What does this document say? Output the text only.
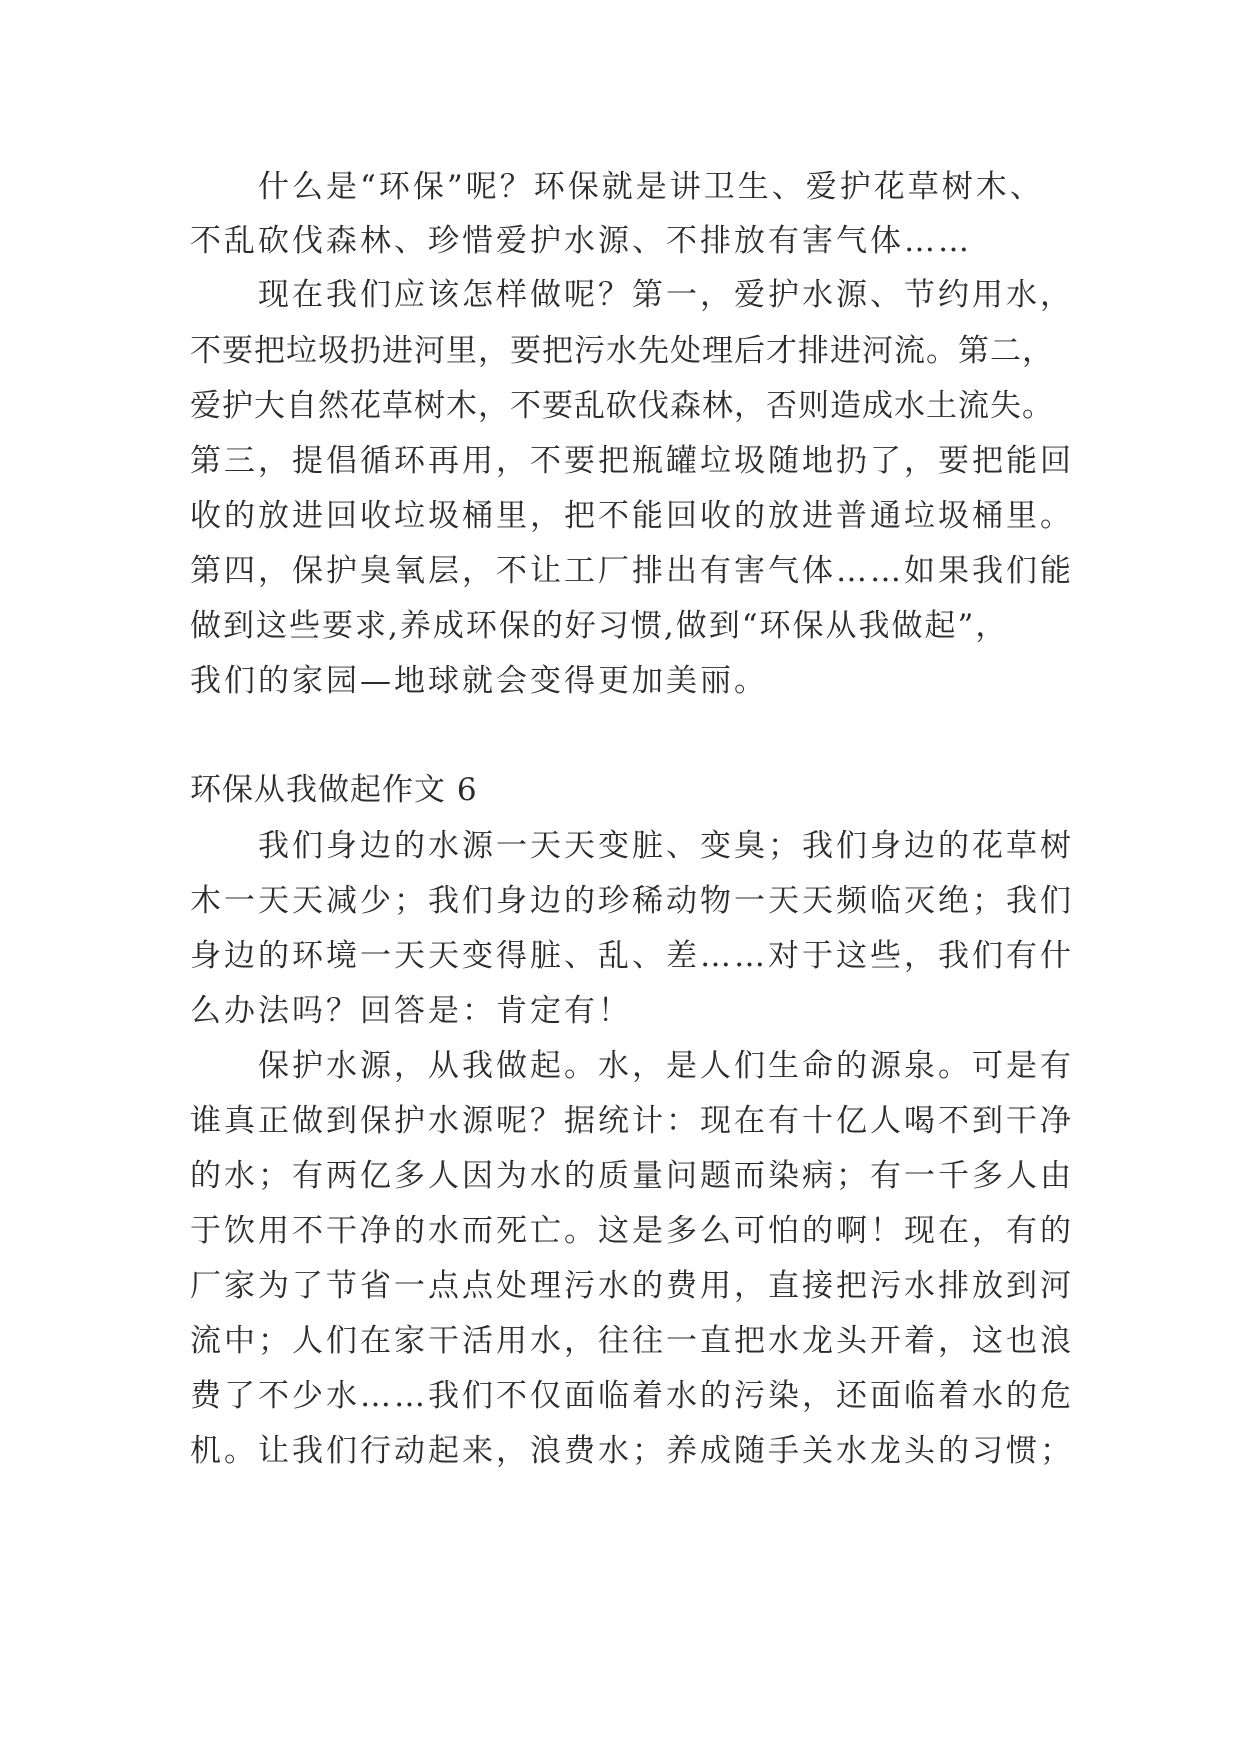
什么是“环保”呢？环保就是讲卫生、爱护花草树木、
不乱砍伐森林、珍惜爱护水源、不排放有害气体……
现在我们应该怎样做呢？第一，爱护水源、节约用水，
不要把垃圾扔进河里，要把污水先处理后才排进河流。第二，
爱护大自然花草树木，不要乱砍伐森林，否则造成水土流失。
第三，提倡循环再用，不要把瓶罐垃圾随地扔了，要把能回
收的放进回收垃圾桶里，把不能回收的放进普通垃圾桶里。
第四，保护臭氧层，不让工厂排出有害气体……如果我们能
做到这些要求,养成环保的好习惯,做到“环保从我做起”，
我们的家园—地球就会变得更加美丽。
环保从我做起作文 6
我们身边的水源一天天变脏、变臭；我们身边的花草树
木一天天减少；我们身边的珍稀动物一天天频临灭绝；我们
身边的环境一天天变得脏、乱、差……对于这些，我们有什
么办法吗？回答是：肯定有！
保护水源，从我做起。水，是人们生命的源泉。可是有
谁真正做到保护水源呢？据统计：现在有十亿人喝不到干净
的水；有两亿多人因为水的质量问题而染病；有一千多人由
于饮用不干净的水而死亡。这是多么可怕的啊！现在，有的
厂家为了节省一点点处理污水的费用，直接把污水排放到河
流中；人们在家干活用水，往往一直把水龙头开着，这也浪
费了不少水……我们不仅面临着水的污染，还面临着水的危
机。让我们行动起来，浪费水；养成随手关水龙头的习惯；
